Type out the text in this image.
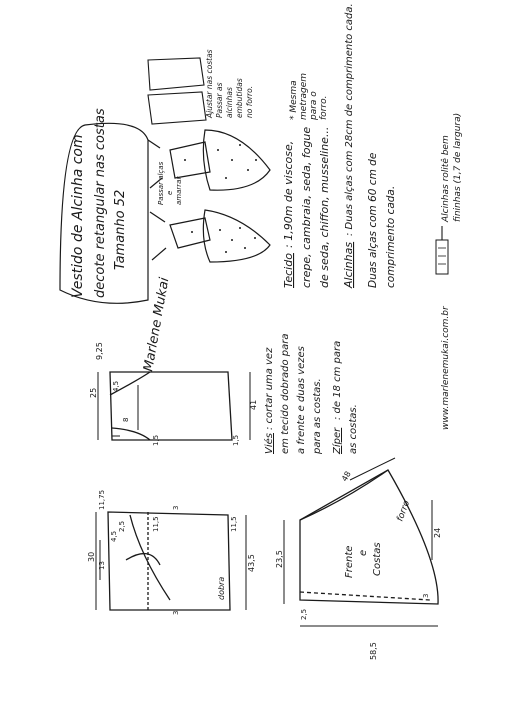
Vestido de Alcinha com decote retangular nas costas Tamanho 52
Passar alças e amarrar
Passar as alcinhas embutidas no forro.
Ajustar nas costas	* Mesma metragem para o forro.
Tecido
: 1,90m de viscose, crepe, cambraia, seda, fogue de seda, chiffon, musseline... Alcinhas
: Duas alças com 28cm de comprimento cada. Duas alças com 60 cm de comprimento cada.
Alcinhas rolitê bem fininhas (1,7 de largura)
Marlene Mukai
25
9,25
4,5
8
41
1,5	1,5
30
13
4,5
43,5
11,75
2,5	11,5	11,5
3
3
dobra
Viés
: cortar uma vez em tecido dobrado para a frente e duas vezes para as costas. Zíper
: de 18 cm para
as costas.	www.marlenemukai.com.br
48
23,5
24
58,5
3
2,5
Frente e Costas
forro
